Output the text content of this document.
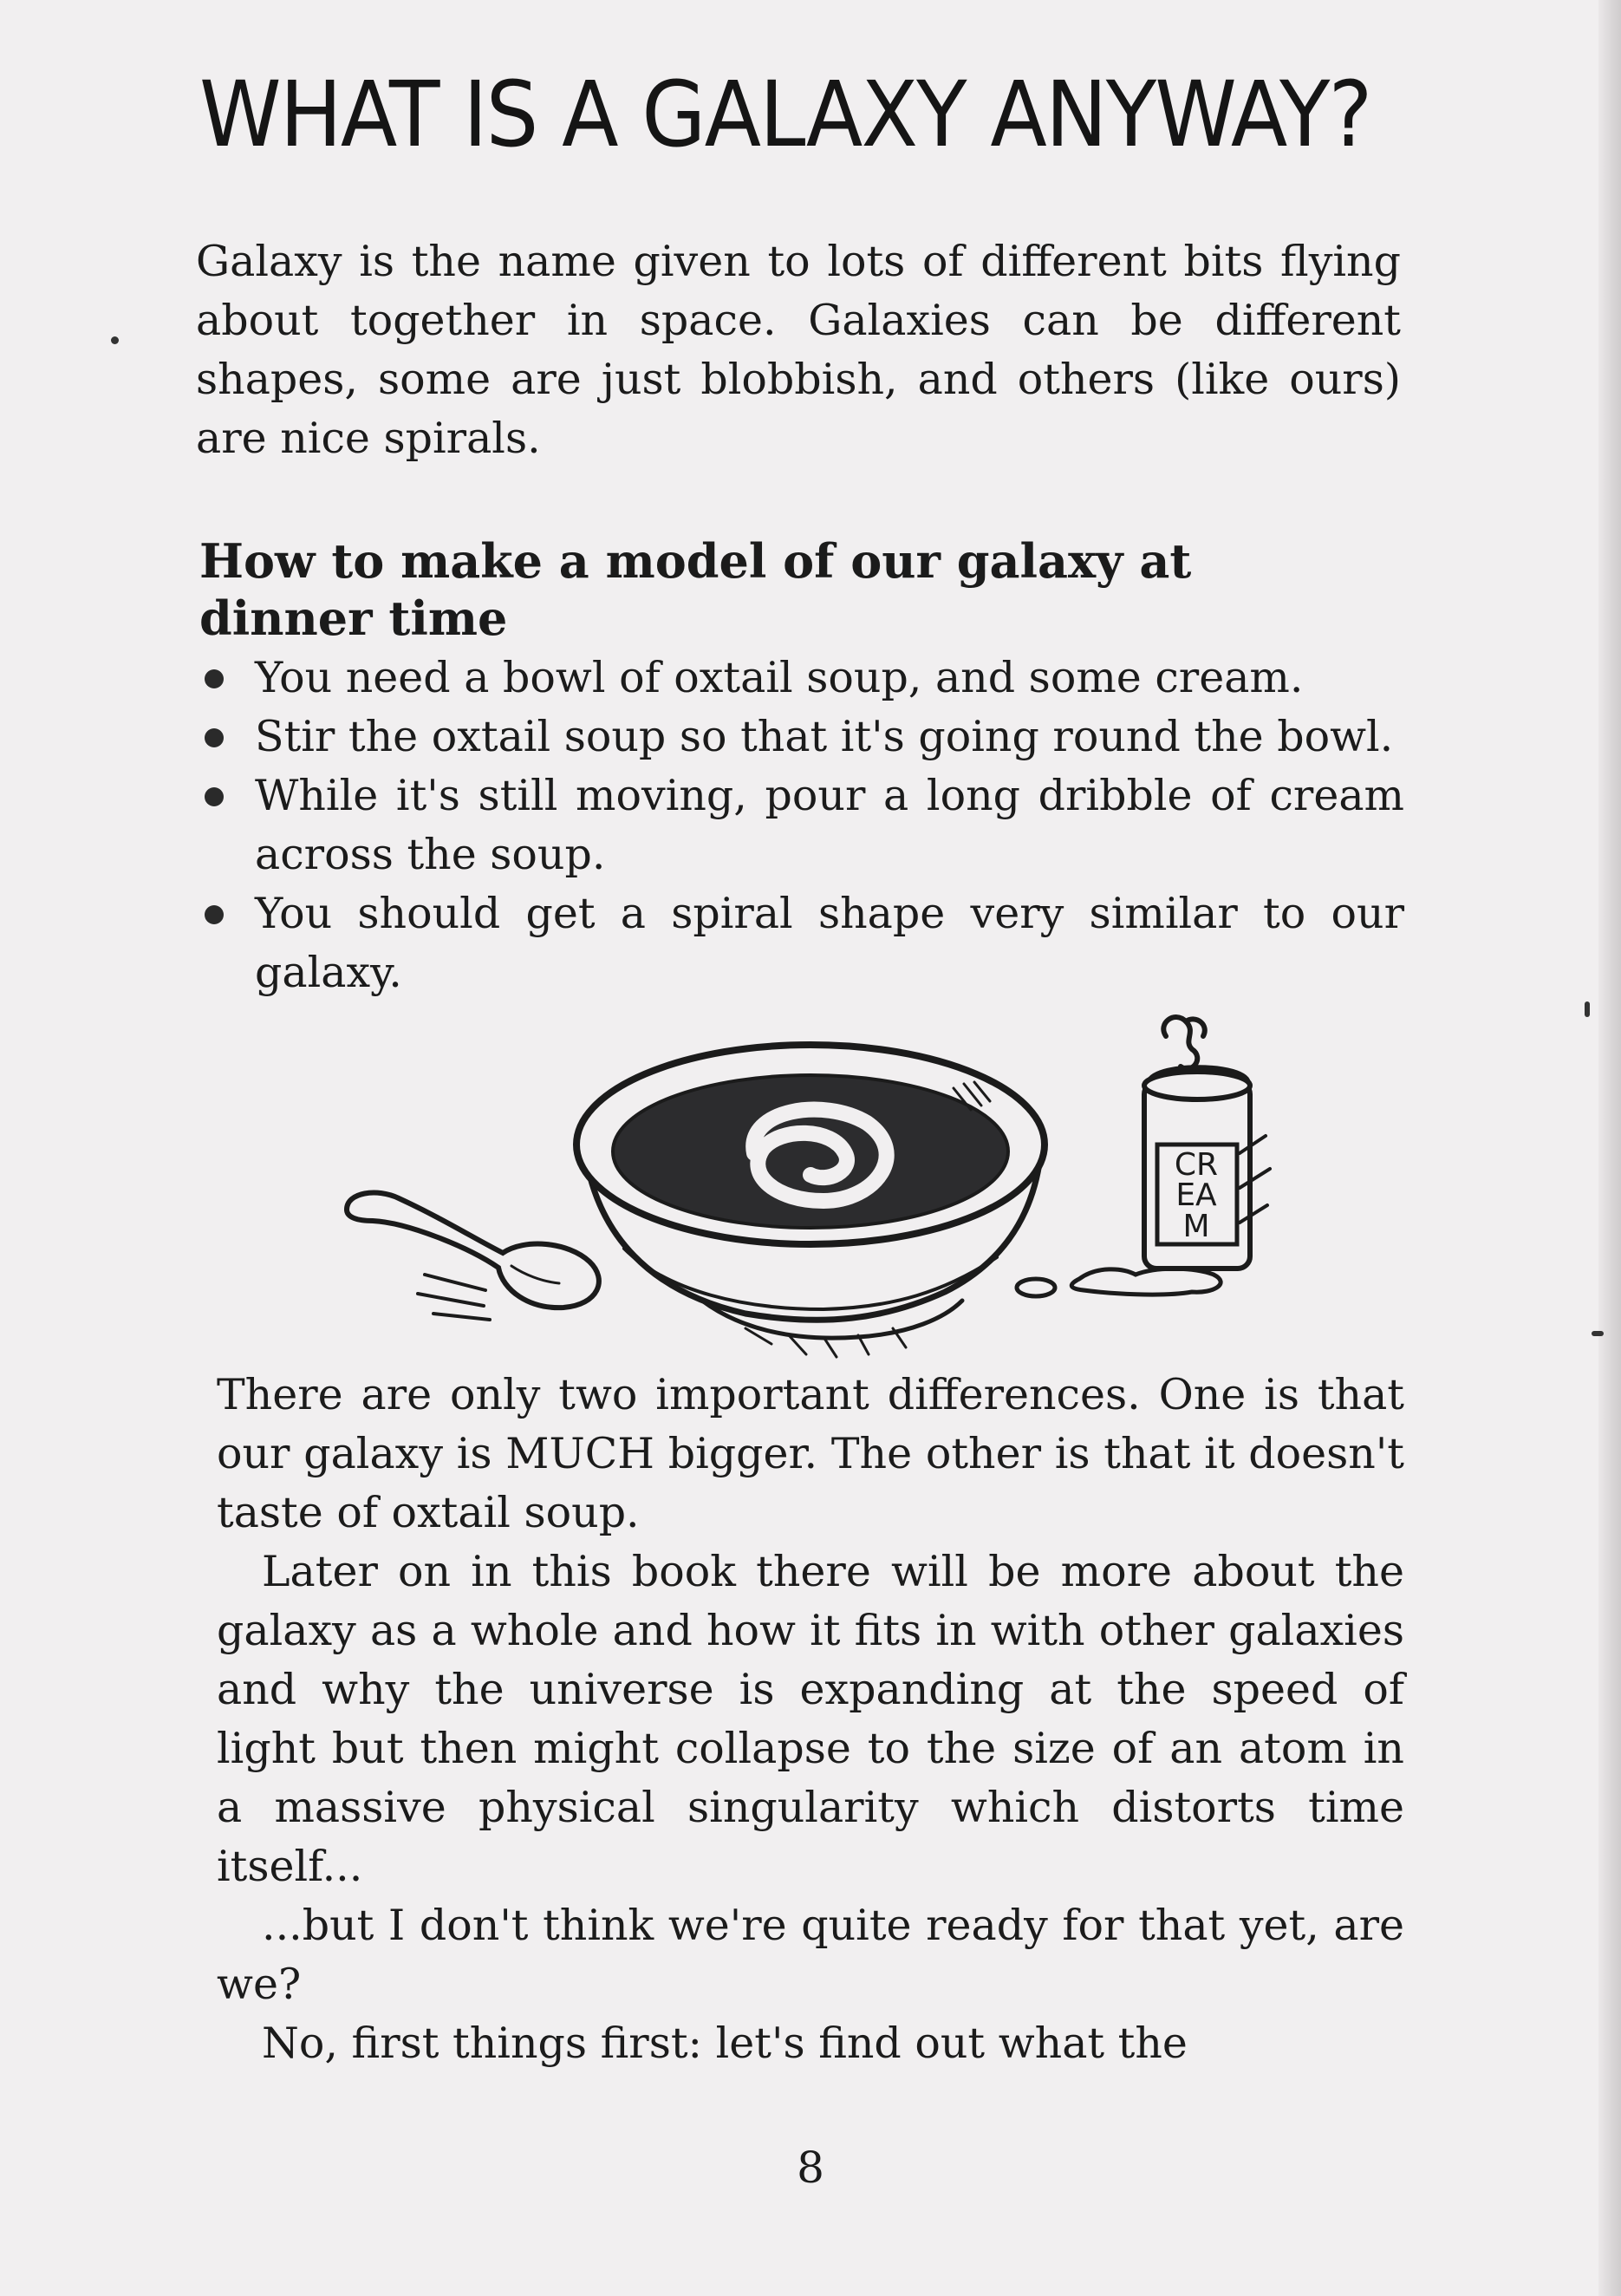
WHAT IS A GALAXY ANYWAY?

Galaxy is the name given to lots of different bits flying about together in space. Galaxies can be different shapes, some are just blobbish, and others (like ours) are nice spirals.

How to make a model of our galaxy at dinner time
You need a bowl of oxtail soup, and some cream.
Stir the oxtail soup so that it's going round the bowl.
While it's still moving, pour a long dribble of cream across the soup.
You should get a spiral shape very similar to our galaxy.
CR
EA
M

There are only two important differences. One is that our galaxy is MUCH bigger. The other is that it doesn't taste of oxtail soup.

Later on in this book there will be more about the galaxy as a whole and how it fits in with other galaxies and why the universe is expanding at the speed of light but then might collapse to the size of an atom in a massive physical singularity which distorts time itself...

...but I don't think we're quite ready for that yet, are we?

No, first things first: let's find out what the

8
